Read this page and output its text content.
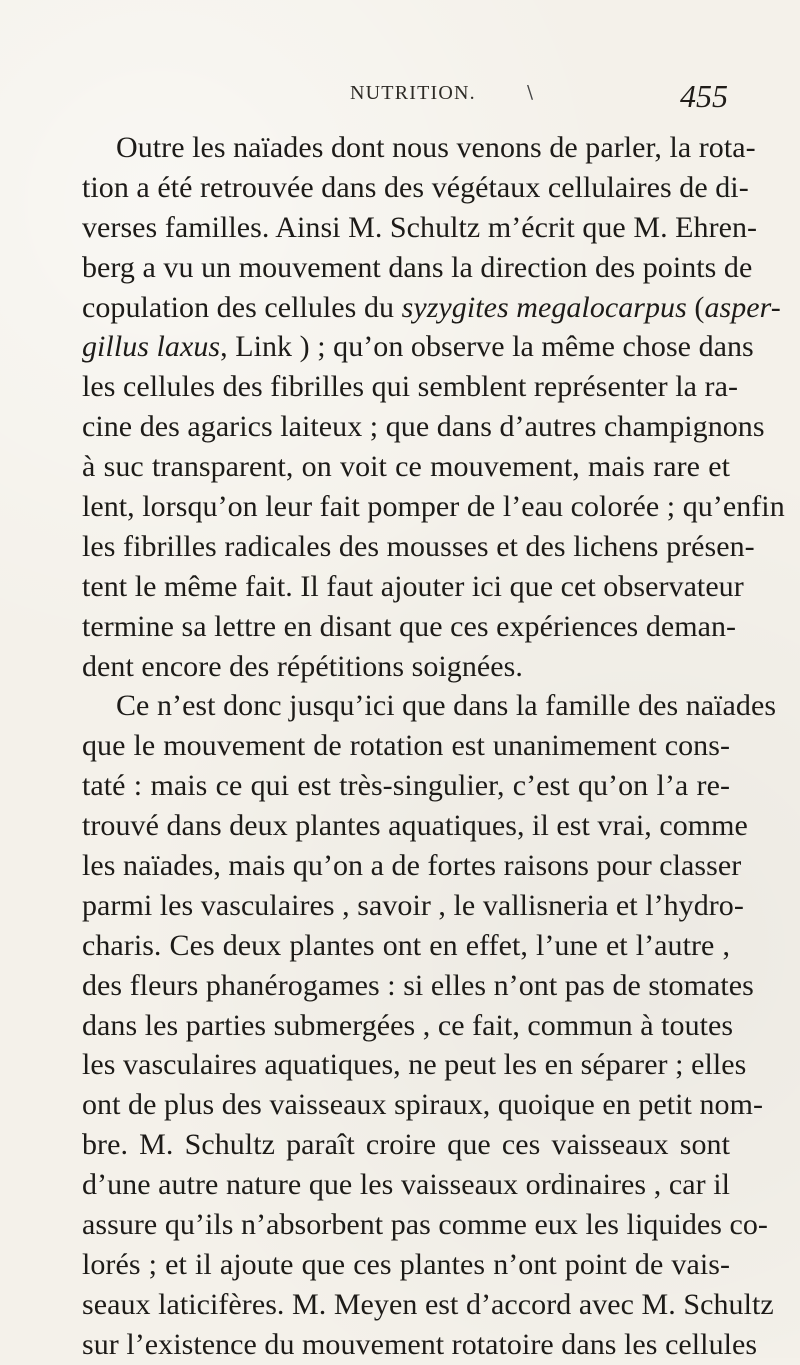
NUTRITION.	\	455
Outre les naïades dont nous venons de parler, la rota-
tion a été retrouvée dans des végétaux cellulaires de di-
verses familles. Ainsi M. Schultz m’écrit que M. Ehren-
berg a vu un mouvement dans la direction des points de
copulation des cellules du syzygites megalocarpus (asper-
gillus laxus, Link ) ; qu’on observe la même chose dans
les cellules des fibrilles qui semblent représenter la ra-
cine des agarics laiteux ; que dans d’autres champignons
à suc transparent, on voit ce mouvement, mais rare et
lent, lorsqu’on leur fait pomper de l’eau colorée ; qu’enfin
les fibrilles radicales des mousses et des lichens présen-
tent le même fait. Il faut ajouter ici que cet observateur
termine sa lettre en disant que ces expériences deman-
dent encore des répétitions soignées.
Ce n’est donc jusqu’ici que dans la famille des naïades
que le mouvement de rotation est unanimement cons-
taté : mais ce qui est très-singulier, c’est qu’on l’a re-
trouvé dans deux plantes aquatiques, il est vrai, comme
les naïades, mais qu’on a de fortes raisons pour classer
parmi les vasculaires , savoir , le vallisneria et l’hydro-
charis. Ces deux plantes ont en effet, l’une et l’autre ,
des fleurs phanérogames : si elles n’ont pas de stomates
dans les parties submergées , ce fait, commun à toutes
les vasculaires aquatiques, ne peut les en séparer ; elles
ont de plus des vaisseaux spiraux, quoique en petit nom-
bre. M. Schultz paraît croire que ces vaisseaux sont
d’une autre nature que les vaisseaux ordinaires , car il
assure qu’ils n’absorbent pas comme eux les liquides co-
lorés ; et il ajoute que ces plantes n’ont point de vais-
seaux laticifères. M. Meyen est d’accord avec M. Schultz
sur l’existence du mouvement rotatoire dans les cellules
